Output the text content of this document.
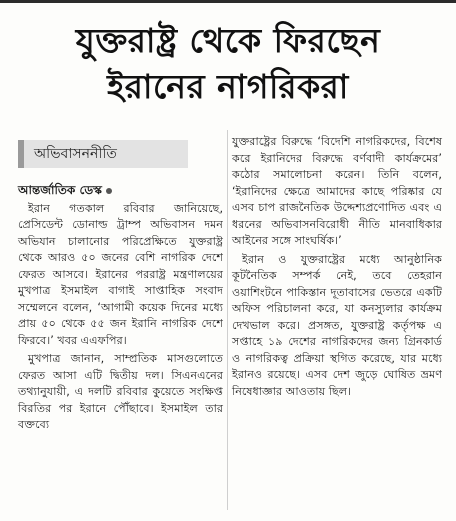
যুক্তরাষ্ট্র থেকে ফিরছেন
ইরানের নাগরিকরা
অভিবাসননীতি
আন্তর্জাতিক ডেস্ক

ইরান গতকাল রবিবার জানিয়েছে, প্রেসিডেন্ট ডোনাল্ড ট্রাম্প অভিবাসন দমন অভিযান চালানোর পরিপ্রেক্ষিতে যুক্তরাষ্ট্র থেকে আরও ৫০ জনের বেশি নাগরিক দেশে ফেরত আসবে। ইরানের পররাষ্ট্র মন্ত্রণালয়ের মুখপাত্র ইসমাইল বাগাই সাপ্তাহিক সংবাদ সম্মেলনে বলেন, ‘আগামী কয়েক দিনের মধ্যে প্রায় ৫০ থেকে ৫৫ জন ইরানি নাগরিক দেশে ফিরবে।’ খবর এএফপির।

মুখপাত্র জানান, সাম্প্রতিক মাসগুলোতে ফেরত আসা এটি দ্বিতীয় দল। সিএনএনের তথ্যানুযায়ী, এ দলটি রবিবার কুয়েতে সংক্ষিপ্ত বিরতির পর ইরানে পৌঁছাবে। ইসমাইল তার বক্তব্যে

যুক্তরাষ্ট্রের বিরুদ্ধে ‘বিদেশি নাগরিকদের, বিশেষ করে ইরানিদের বিরুদ্ধে বর্ণবাদী কার্যক্রমের’ কঠোর সমালোচনা করেন। তিনি বলেন, ‘ইরানিদের ক্ষেত্রে আমাদের কাছে পরিষ্কার যে এসব চাপ রাজনৈতিক উদ্দেশ্যপ্রণোদিত এবং এ ধরনের অভিবাসনবিরোধী নীতি মানবাধিকার আইনের সঙ্গে সাংঘর্ষিক।’

ইরান ও যুক্তরাষ্ট্রের মধ্যে আনুষ্ঠানিক কূটনৈতিক সম্পর্ক নেই, তবে তেহরান ওয়াশিংটনে পাকিস্তান দূতাবাসের ভেতরে একটি অফিস পরিচালনা করে, যা কনস্যুলার কার্যক্রম দেখভাল করে। প্রসঙ্গত, যুক্তরাষ্ট্র কর্তৃপক্ষ এ সপ্তাহে ১৯ দেশের নাগরিকদের জন্য গ্রিনকার্ড ও নাগরিকত্ব প্রক্রিয়া স্থগিত করেছে, যার মধ্যে ইরানও রয়েছে। এসব দেশ জুড়ে ঘোষিত ভ্রমণ নিষেধাজ্ঞার আওতায় ছিল।
